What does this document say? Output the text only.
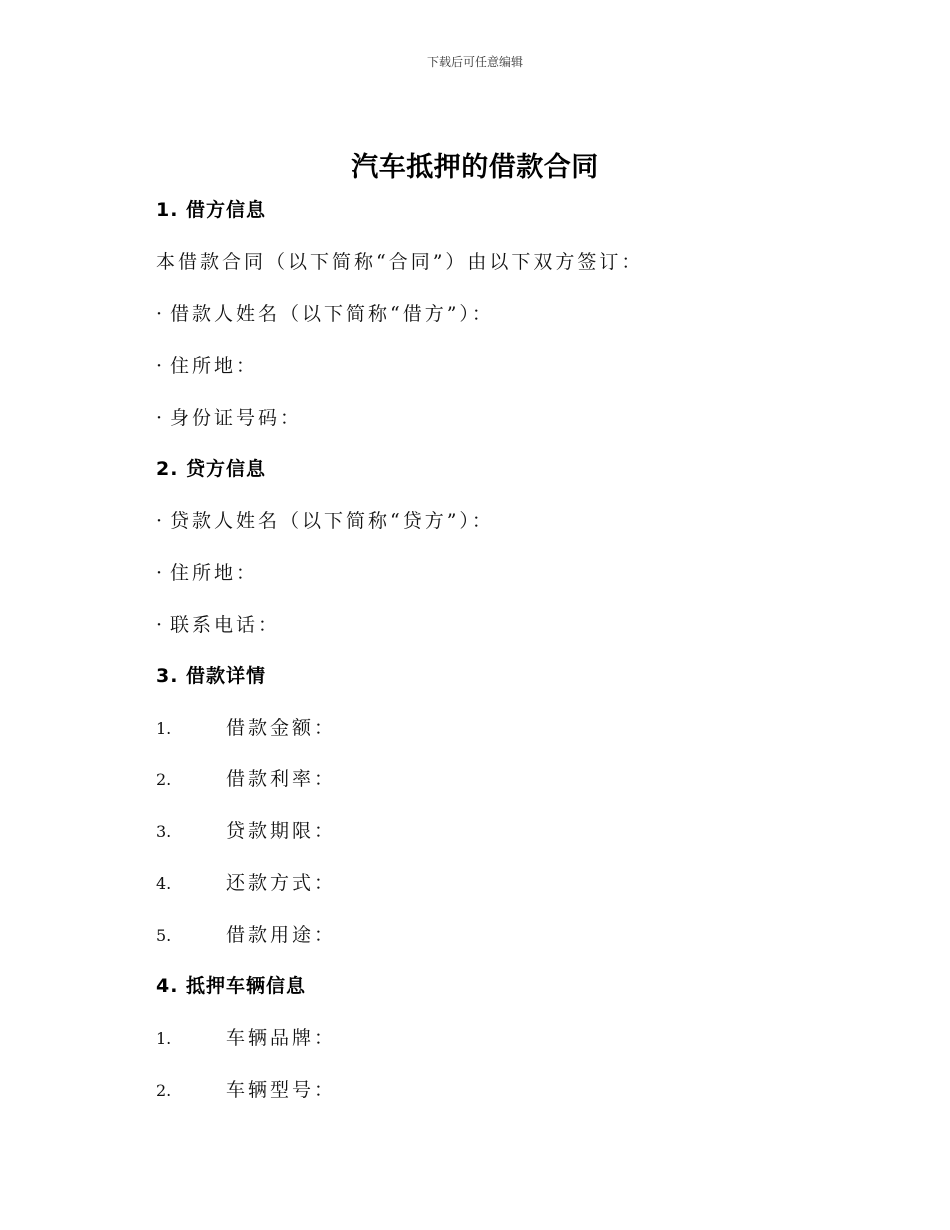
下载后可任意编辑
汽车抵押的借款合同
1. 借方信息
本借款合同（以下简称“合同”）由以下双方签订：
· 借款人姓名（以下简称“借方”）：
· 住所地：
· 身份证号码：
2. 贷方信息
· 贷款人姓名（以下简称“贷方”）：
· 住所地：
· 联系电话：
3. 借款详情
1.	借款金额：
2.	借款利率：
3.	贷款期限：
4.	还款方式：
5.	借款用途：
4. 抵押车辆信息
1.	车辆品牌：
2.	车辆型号：
